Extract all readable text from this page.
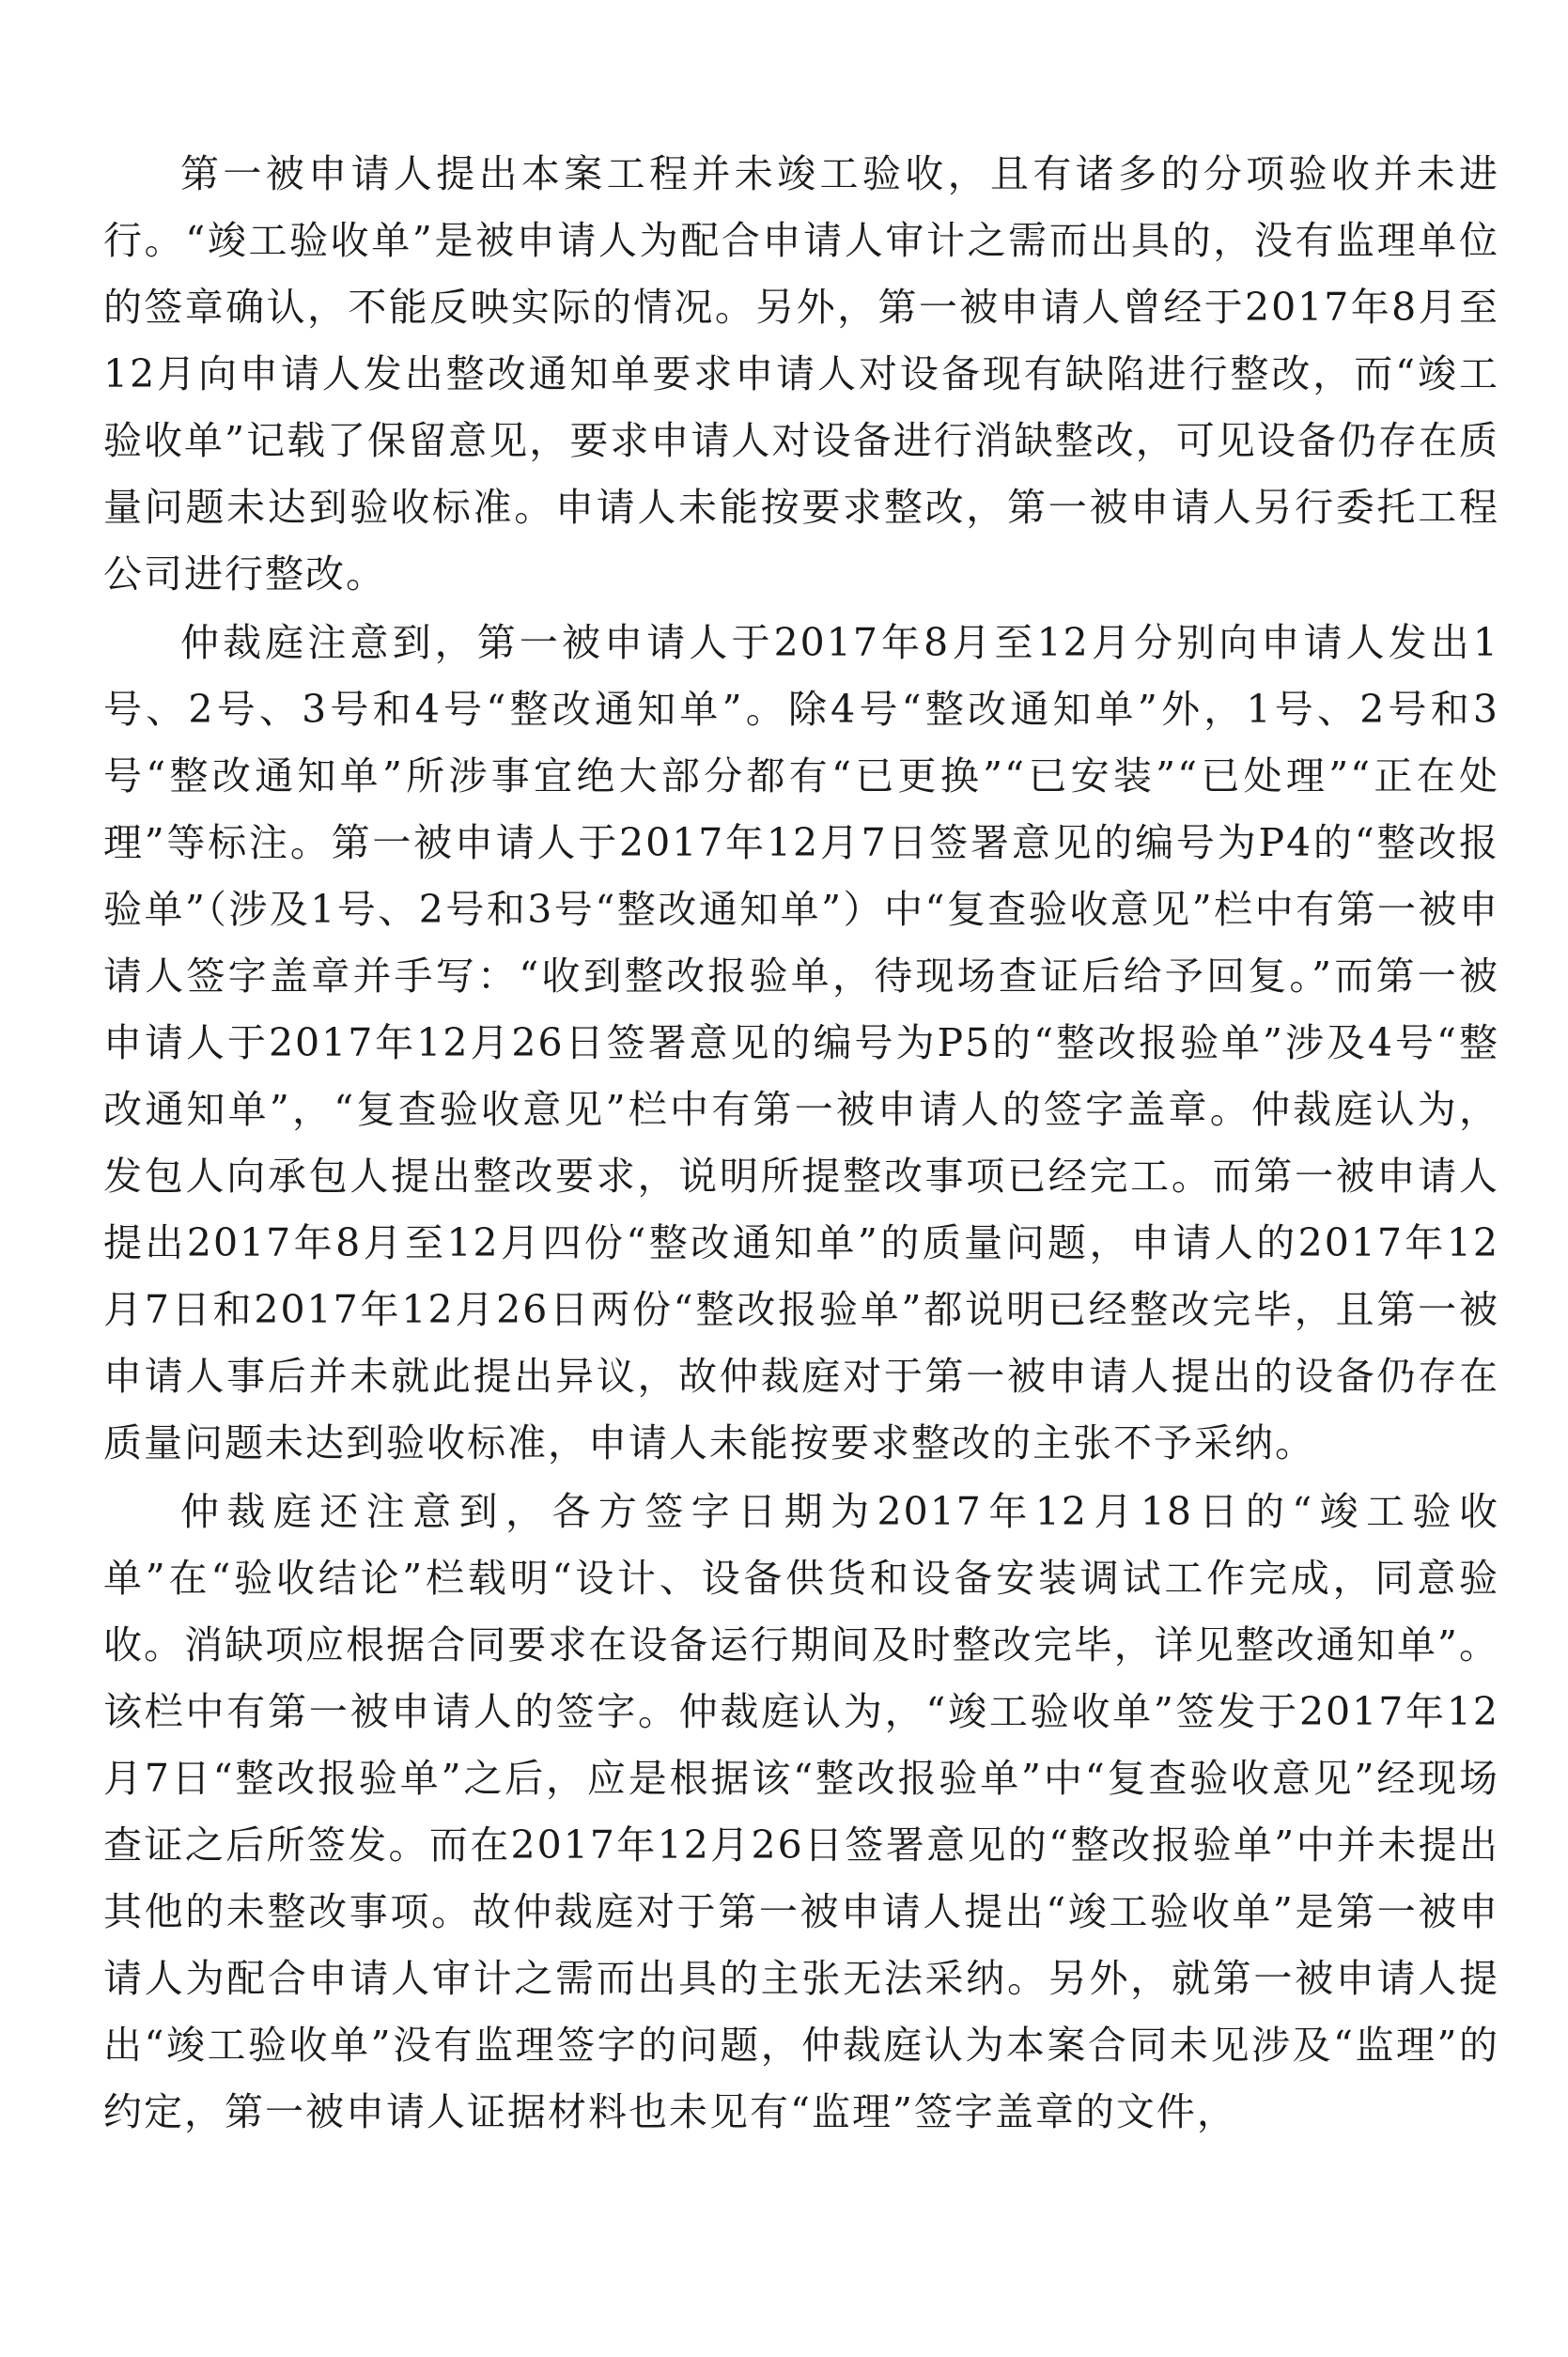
第一被申请人提出本案工程并未竣工验收，且有诸多的分项验收并未进行。“竣工验收单”是被申请人为配合申请人审计之需而出具的，没有监理单位的签章确认，不能反映实际的情况。另外，第一被申请人曾经于2017年8月至12月向申请人发出整改通知单要求申请人对设备现有缺陷进行整改，而“竣工验收单”记载了保留意见，要求申请人对设备进行消缺整改，可见设备仍存在质量问题未达到验收标准。申请人未能按要求整改，第一被申请人另行委托工程公司进行整改。

仲裁庭注意到，第一被申请人于2017年8月至12月分别向申请人发出1号、2号、3号和4号“整改通知单”。除4号“整改通知单”外，1号、2号和3号“整改通知单”所涉事宜绝大部分都有“已更换”“已安装”“已处理”“正在处理”等标注。第一被申请人于2017年12月7日签署意见的编号为P4的“整改报验单”（涉及1号、2号和3号“整改通知单”）中“复查验收意见”栏中有第一被申请人签字盖章并手写：“收到整改报验单，待现场查证后给予回复。”而第一被申请人于2017年12月26日签署意见的编号为P5的“整改报验单”涉及4号“整改通知单”，“复查验收意见”栏中有第一被申请人的签字盖章。仲裁庭认为，发包人向承包人提出整改要求，说明所提整改事项已经完工。而第一被申请人提出2017年8月至12月四份“整改通知单”的质量问题，申请人的2017年12月7日和2017年12月26日两份“整改报验单”都说明已经整改完毕，且第一被申请人事后并未就此提出异议，故仲裁庭对于第一被申请人提出的设备仍存在质量问题未达到验收标准，申请人未能按要求整改的主张不予采纳。

仲裁庭还注意到，各方签字日期为2017年12月18日的“竣工验收单”在“验收结论”栏载明“设计、设备供货和设备安装调试工作完成，同意验收。消缺项应根据合同要求在设备运行期间及时整改完毕，详见整改通知单”。该栏中有第一被申请人的签字。仲裁庭认为，“竣工验收单”签发于2017年12月7日“整改报验单”之后，应是根据该“整改报验单”中“复查验收意见”经现场查证之后所签发。而在2017年12月26日签署意见的“整改报验单”中并未提出其他的未整改事项。故仲裁庭对于第一被申请人提出“竣工验收单”是第一被申请人为配合申请人审计之需而出具的主张无法采纳。另外，就第一被申请人提出“竣工验收单”没有监理签字的问题，仲裁庭认为本案合同未见涉及“监理”的约定，第一被申请人证据材料也未见有“监理”签字盖章的文件，
